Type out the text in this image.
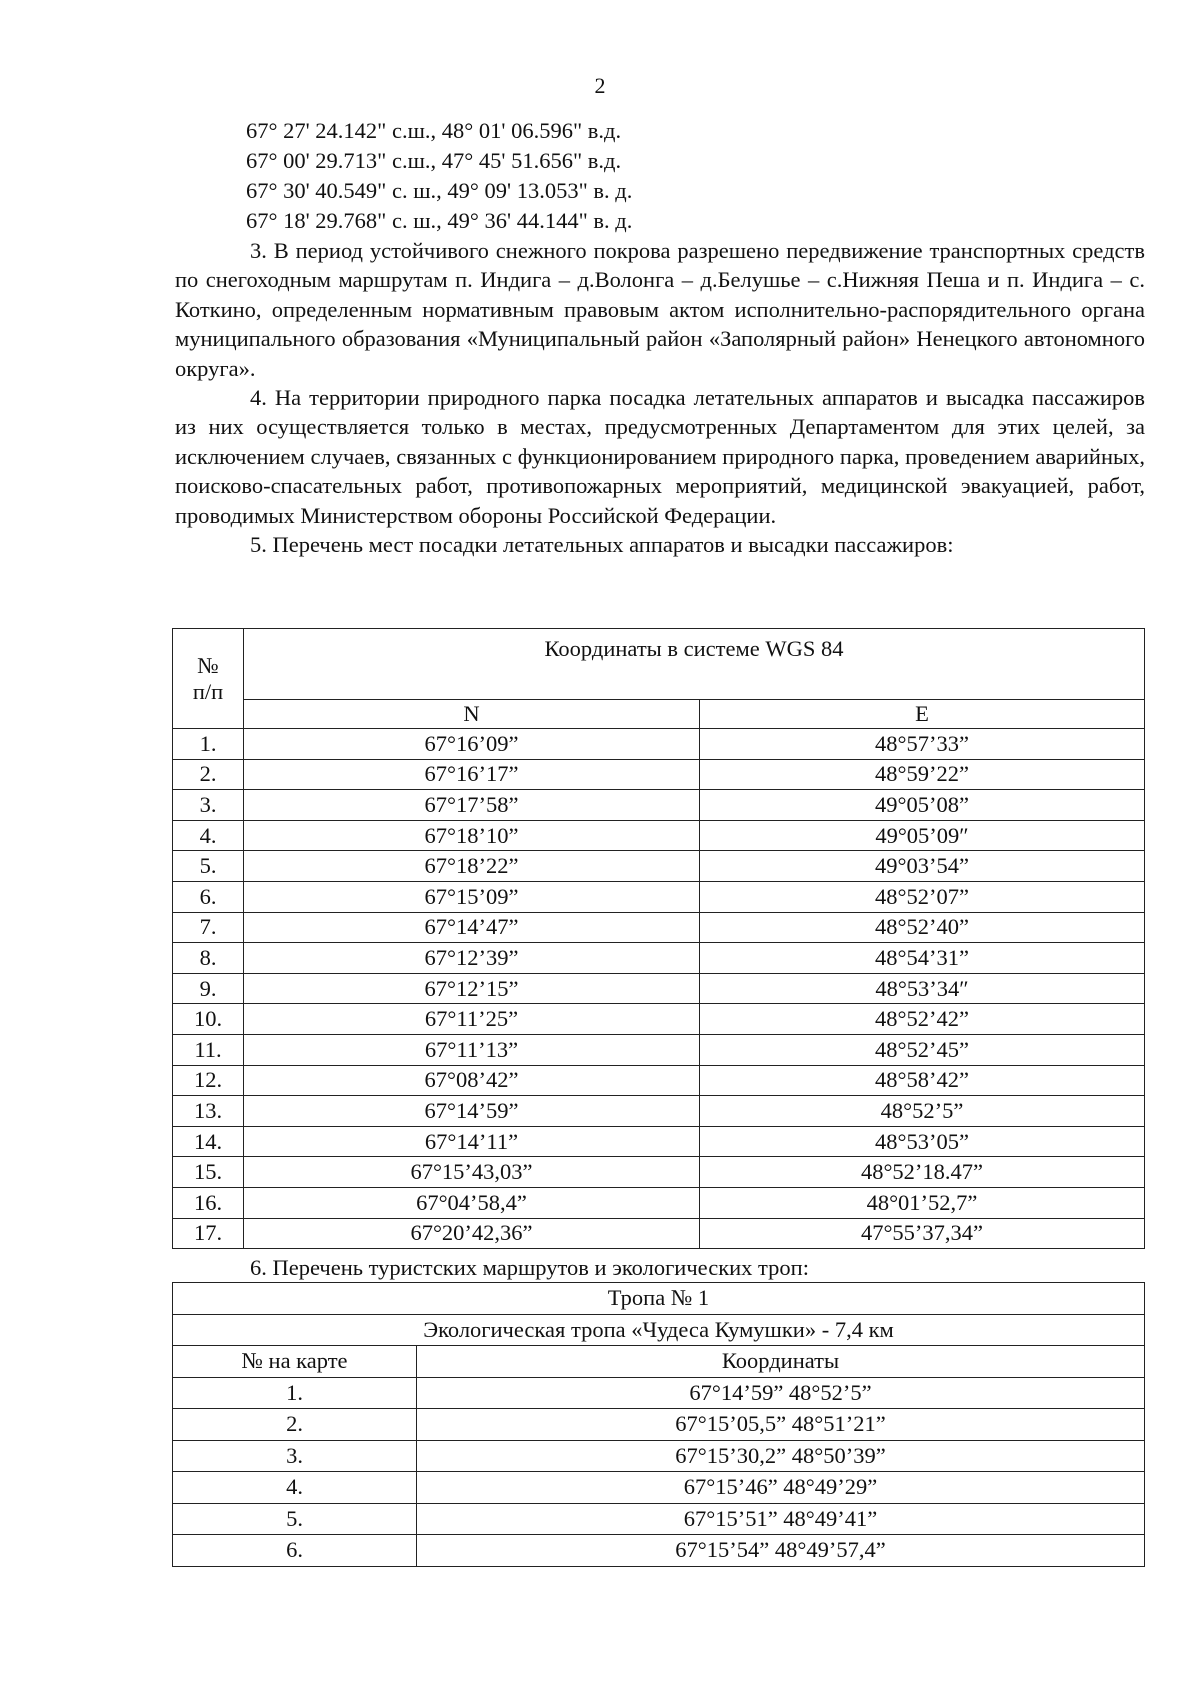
2
67° 27' 24.142" с.ш., 48° 01' 06.596" в.д.
67° 00' 29.713" с.ш., 47° 45' 51.656" в.д.
67° 30' 40.549" с. ш., 49° 09' 13.053" в. д.
67° 18' 29.768" с. ш., 49° 36' 44.144" в. д.

3. В период устойчивого снежного покрова разрешено передвижение транспортных средств по снегоходным маршрутам п. Индига – д.Волонга – д.Белушье – с.Нижняя Пеша и п. Индига – с. Коткино, определенным нормативным правовым актом исполнительно-распорядительного органа муниципального образования «Муниципальный район «Заполярный район» Ненецкого автономного округа».

4. На территории природного парка посадка летательных аппаратов и высадка пассажиров из них осуществляется только в местах, предусмотренных Департаментом для этих целей, за исключением случаев, связанных с функционированием природного парка, проведением аварийных, поисково-спасательных работ, противопожарных мероприятий, медицинской эвакуацией, работ, проводимых Министерством обороны Российской Федерации.

5. Перечень мест посадки летательных аппаратов и высадки пассажиров:

№
п/п	Координаты в системе WGS 84	
	N	E
1.	67°16’09”	48°57’33”
2.	67°16’17”	48°59’22”
3.	67°17’58”	49°05’08”
4.	67°18’10”	49°05’09″
5.	67°18’22”	49°03’54”
6.	67°15’09”	48°52’07”
7.	67°14’47”	48°52’40”
8.	67°12’39”	48°54’31”
9.	67°12’15”	48°53’34″
10.	67°11’25”	48°52’42”
11.	67°11’13”	48°52’45”
12.	67°08’42”	48°58’42”
13.	67°14’59”	48°52’5”
14.	67°14’11”	48°53’05”
15.	67°15’43,03”	48°52’18.47”
16.	67°04’58,4”	48°01’52,7”
17.	67°20’42,36”	47°55’37,34”

6. Перечень туристских маршрутов и экологических троп:

Тропа № 1	
Экологическая тропа «Чудеса Кумушки» - 7,4 км	
№ на карте	Координаты
1.	67°14’59” 48°52’5”
2.	67°15’05,5” 48°51’21”
3.	67°15’30,2” 48°50’39”
4.	67°15’46” 48°49’29”
5.	67°15’51” 48°49’41”
6.	67°15’54” 48°49’57,4”
